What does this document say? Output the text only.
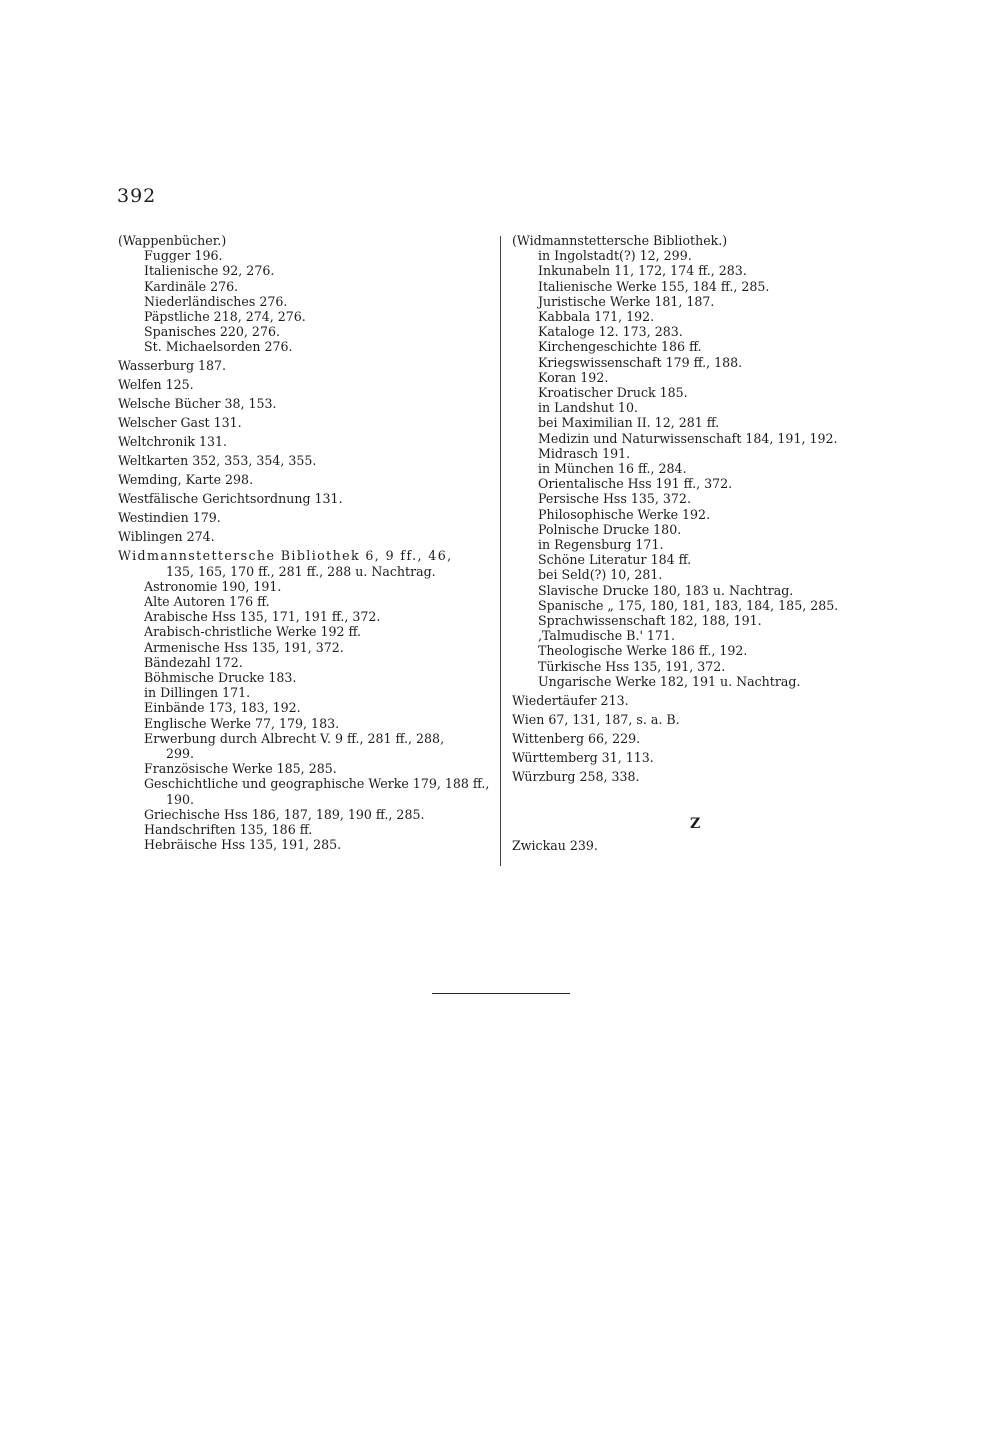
392
(Wappenbücher.)
Fugger 196.
Italienische 92, 276.
Kardinäle 276.
Niederländisches 276.
Päpstliche 218, 274, 276.
Spanisches 220, 276.
St. Michaelsorden 276.
Wasserburg 187.
Welfen 125.
Welsche Bücher 38, 153.
Welscher Gast 131.
Weltchronik 131.
Weltkarten 352, 353, 354, 355.
Wemding, Karte 298.
Westfälische Gerichtsordnung 131.
Westindien 179.
Wiblingen 274.
Widmannstettersche Bibliothek 6, 9 ff., 46,
135, 165, 170 ff., 281 ff., 288 u. Nachtrag.
Astronomie 190, 191.
Alte Autoren 176 ff.
Arabische Hss 135, 171, 191 ff., 372.
Arabisch-christliche Werke 192 ff.
Armenische Hss 135, 191, 372.
Bändezahl 172.
Böhmische Drucke 183.
in Dillingen 171.
Einbände 173, 183, 192.
Englische Werke 77, 179, 183.
Erwerbung durch Albrecht V. 9 ff., 281 ff., 288,
299.
Französische Werke 185, 285.
Geschichtliche und geographische Werke 179, 188 ff.,
190.
Griechische Hss 186, 187, 189, 190 ff., 285.
Handschriften 135, 186 ff.
Hebräische Hss 135, 191, 285.
(Widmannstettersche Bibliothek.)
in Ingolstadt(?) 12, 299.
Inkunabeln 11, 172, 174 ff., 283.
Italienische Werke 155, 184 ff., 285.
Juristische Werke 181, 187.
Kabbala 171, 192.
Kataloge 12. 173, 283.
Kirchengeschichte 186 ff.
Kriegswissenschaft 179 ff., 188.
Koran 192.
Kroatischer Druck 185.
in Landshut 10.
bei Maximilian II. 12, 281 ff.
Medizin und Naturwissenschaft 184, 191, 192.
Midrasch 191.
in München 16 ff., 284.
Orientalische Hss 191 ff., 372.
Persische Hss 135, 372.
Philosophische Werke 192.
Polnische Drucke 180.
in Regensburg 171.
Schöne Literatur 184 ff.
bei Seld(?) 10, 281.
Slavische Drucke 180, 183 u. Nachtrag.
Spanische „ 175, 180, 181, 183, 184, 185, 285.
Sprachwissenschaft 182, 188, 191.
‚Talmudische B.' 171.
Theologische Werke 186 ff., 192.
Türkische Hss 135, 191, 372.
Ungarische Werke 182, 191 u. Nachtrag.
Wiedertäufer 213.
Wien 67, 131, 187, s. a. B.
Wittenberg 66, 229.
Württemberg 31, 113.
Würzburg 258, 338.
Z
Zwickau 239.
